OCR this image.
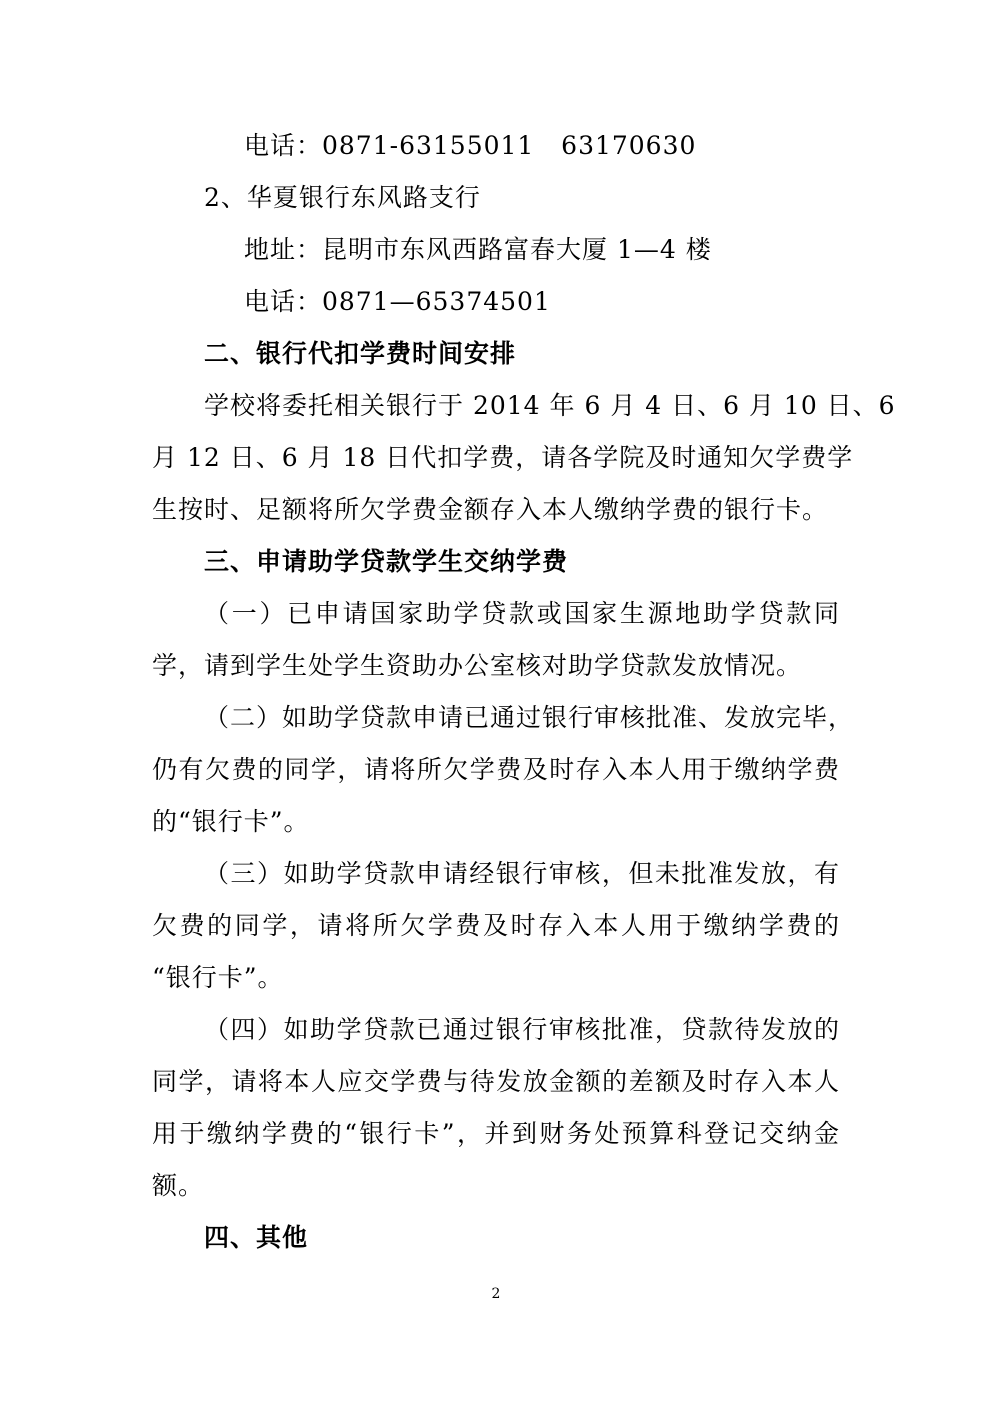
电话：0871-63155011   63170630
2、华夏银行东风路支行
地址：昆明市东风西路富春大厦 1—4 楼
电话：0871—65374501
二、银行代扣学费时间安排
学校将委托相关银行于 2014 年 6 月 4 日、6 月 10 日、6
月 12 日、6 月 18 日代扣学费，请各学院及时通知欠学费学
生按时、足额将所欠学费金额存入本人缴纳学费的银行卡。
三、申请助学贷款学生交纳学费
（一）已申请国家助学贷款或国家生源地助学贷款同
学，请到学生处学生资助办公室核对助学贷款发放情况。
（二）如助学贷款申请已通过银行审核批准、发放完毕，
仍有欠费的同学，请将所欠学费及时存入本人用于缴纳学费
的“银行卡”。
（三）如助学贷款申请经银行审核，但未批准发放，有
欠费的同学，请将所欠学费及时存入本人用于缴纳学费的
“银行卡”。
（四）如助学贷款已通过银行审核批准，贷款待发放的
同学，请将本人应交学费与待发放金额的差额及时存入本人
用于缴纳学费的“银行卡”，并到财务处预算科登记交纳金
额。
四、其他
2
